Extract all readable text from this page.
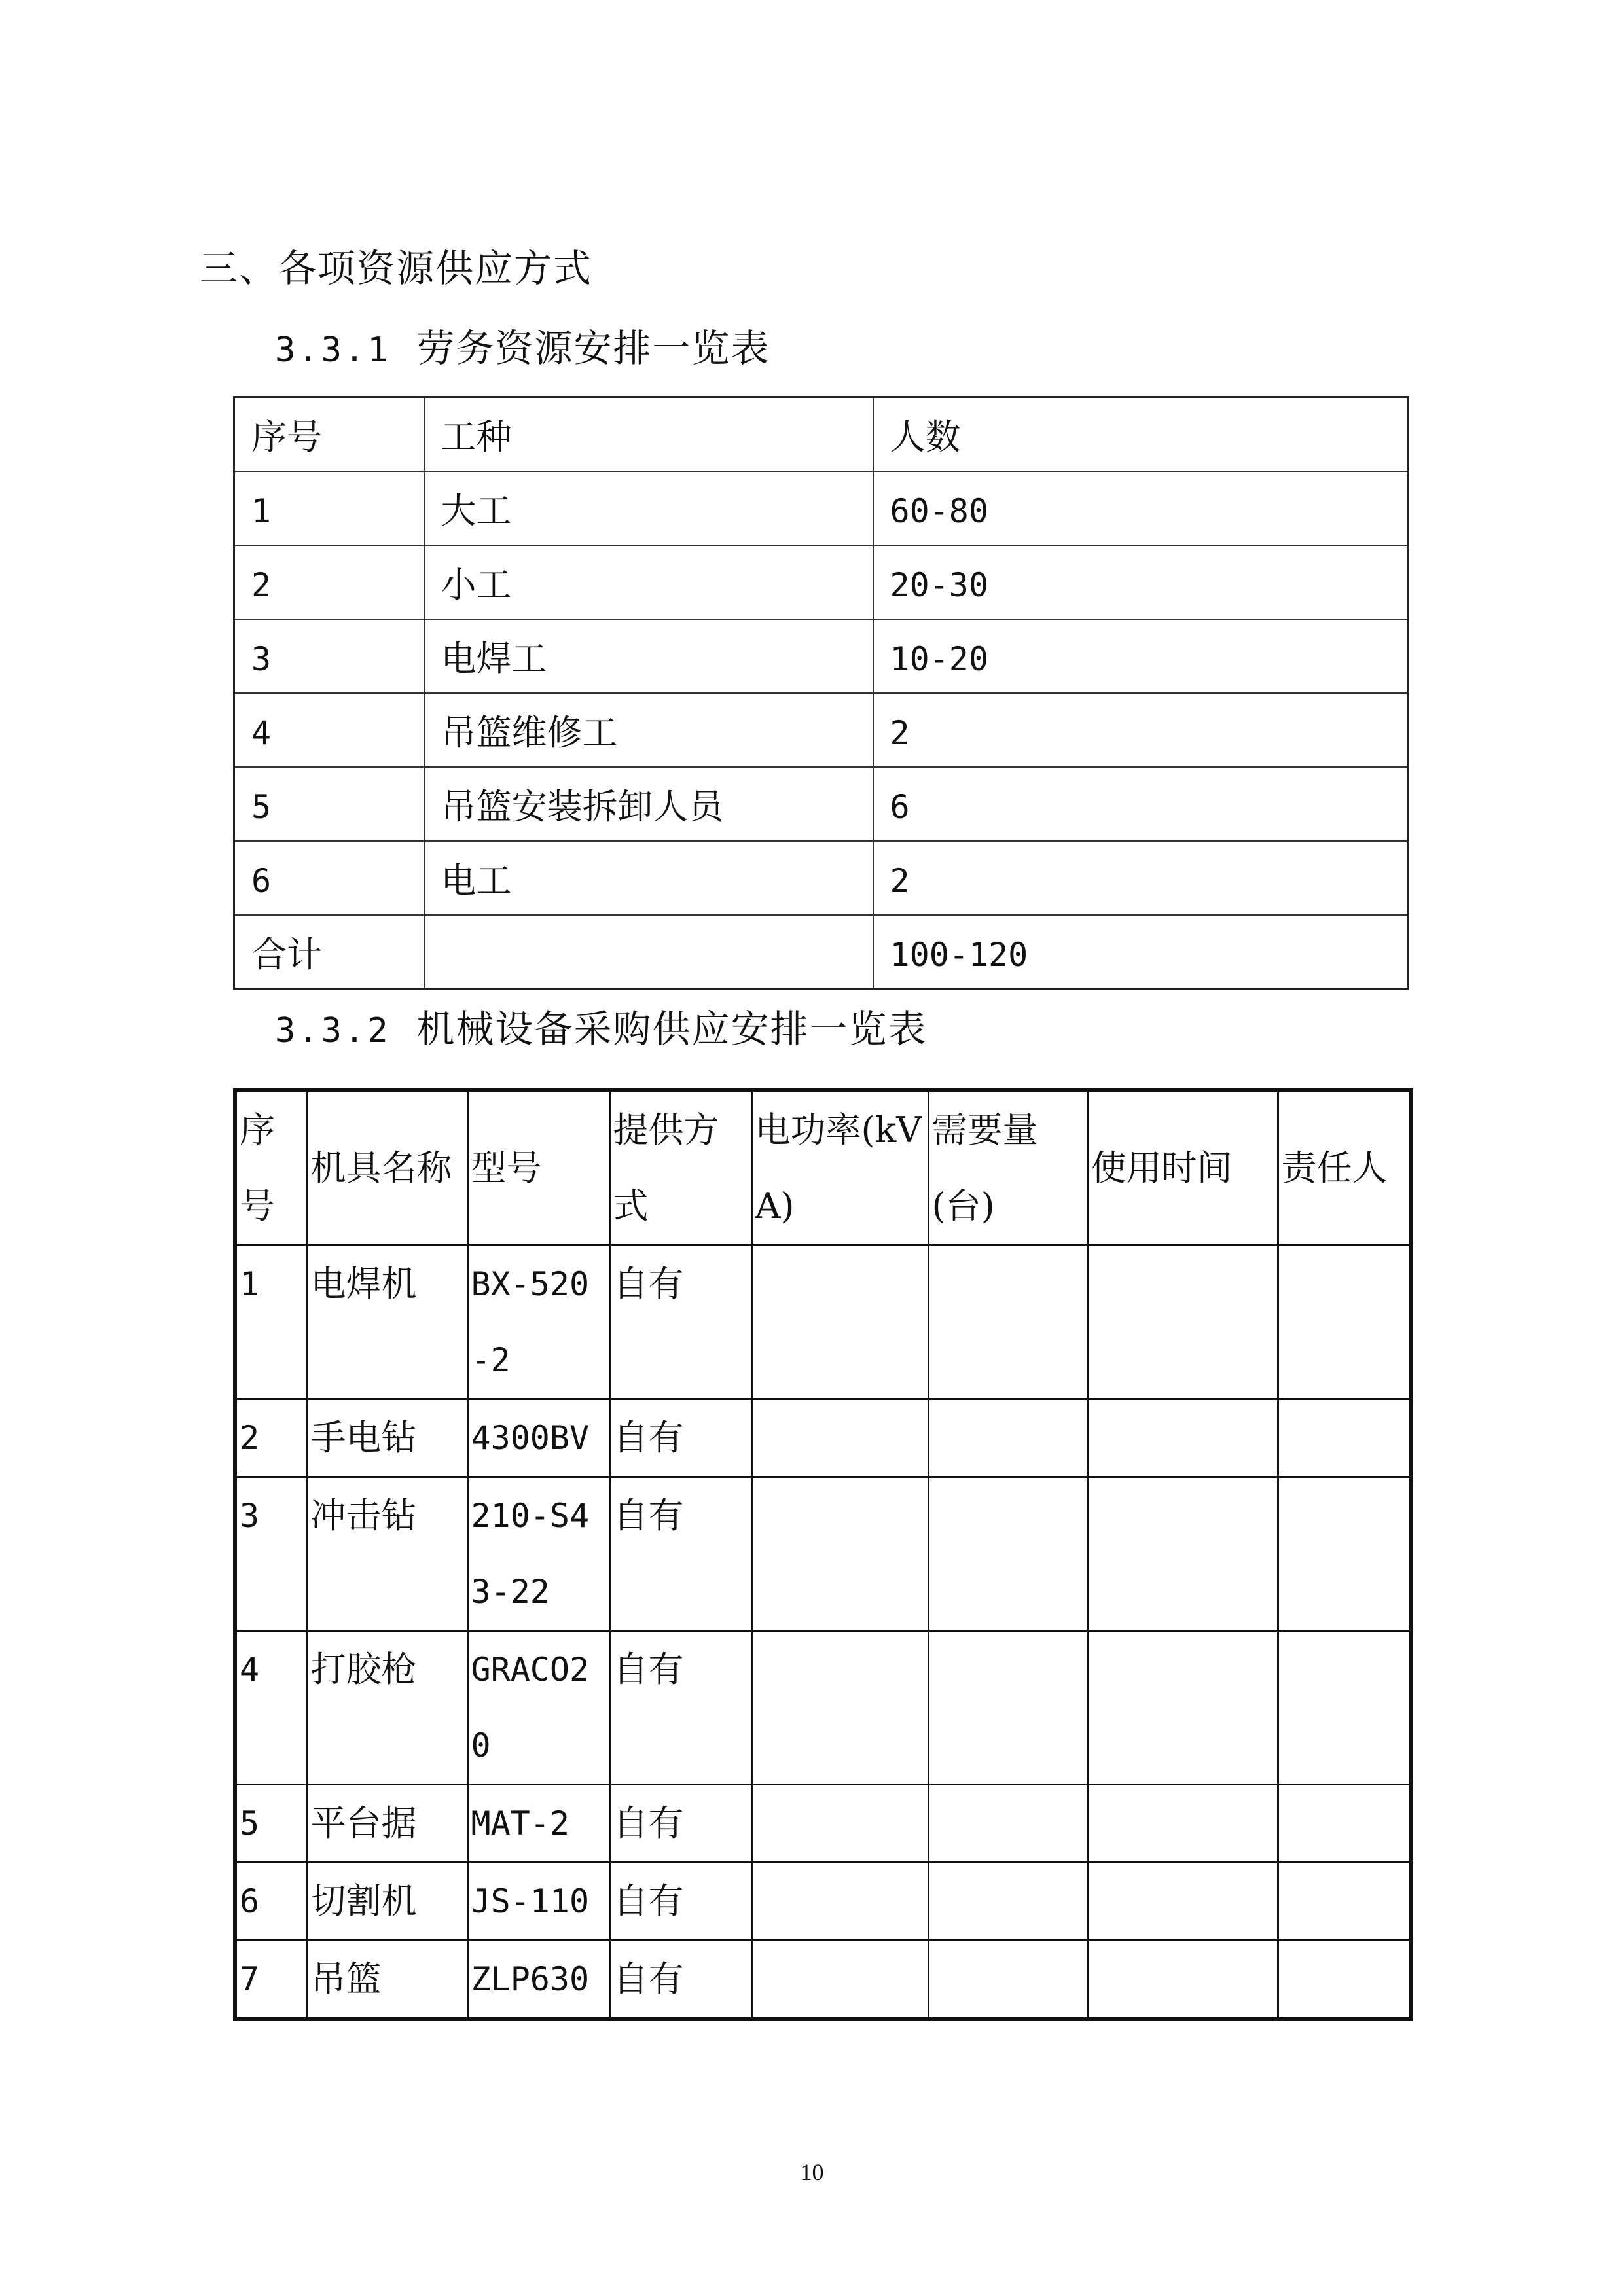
三、各项资源供应方式
3.3.1 劳务资源安排一览表
序号	工种	人数
1	大工	60-80
2	小工	20-30
3	电焊工	10-20
4	吊篮维修工	2
5	吊篮安装拆卸人员	6
6	电工	2
合计		100-120
3.3.2 机械设备采购供应安排一览表
序号	机具名称	型号	提供方式	电功率(kVA)	需要量(台)	使用时间	责任人
1	电焊机	BX-520-2	自有				
2	手电钻	4300BV	自有				
3	冲击钻	210-S43-22	自有				
4	打胶枪	GRACO20	自有				
5	平台据	MAT-2	自有				
6	切割机	JS-110	自有				
7	吊篮	ZLP630	自有				
10
